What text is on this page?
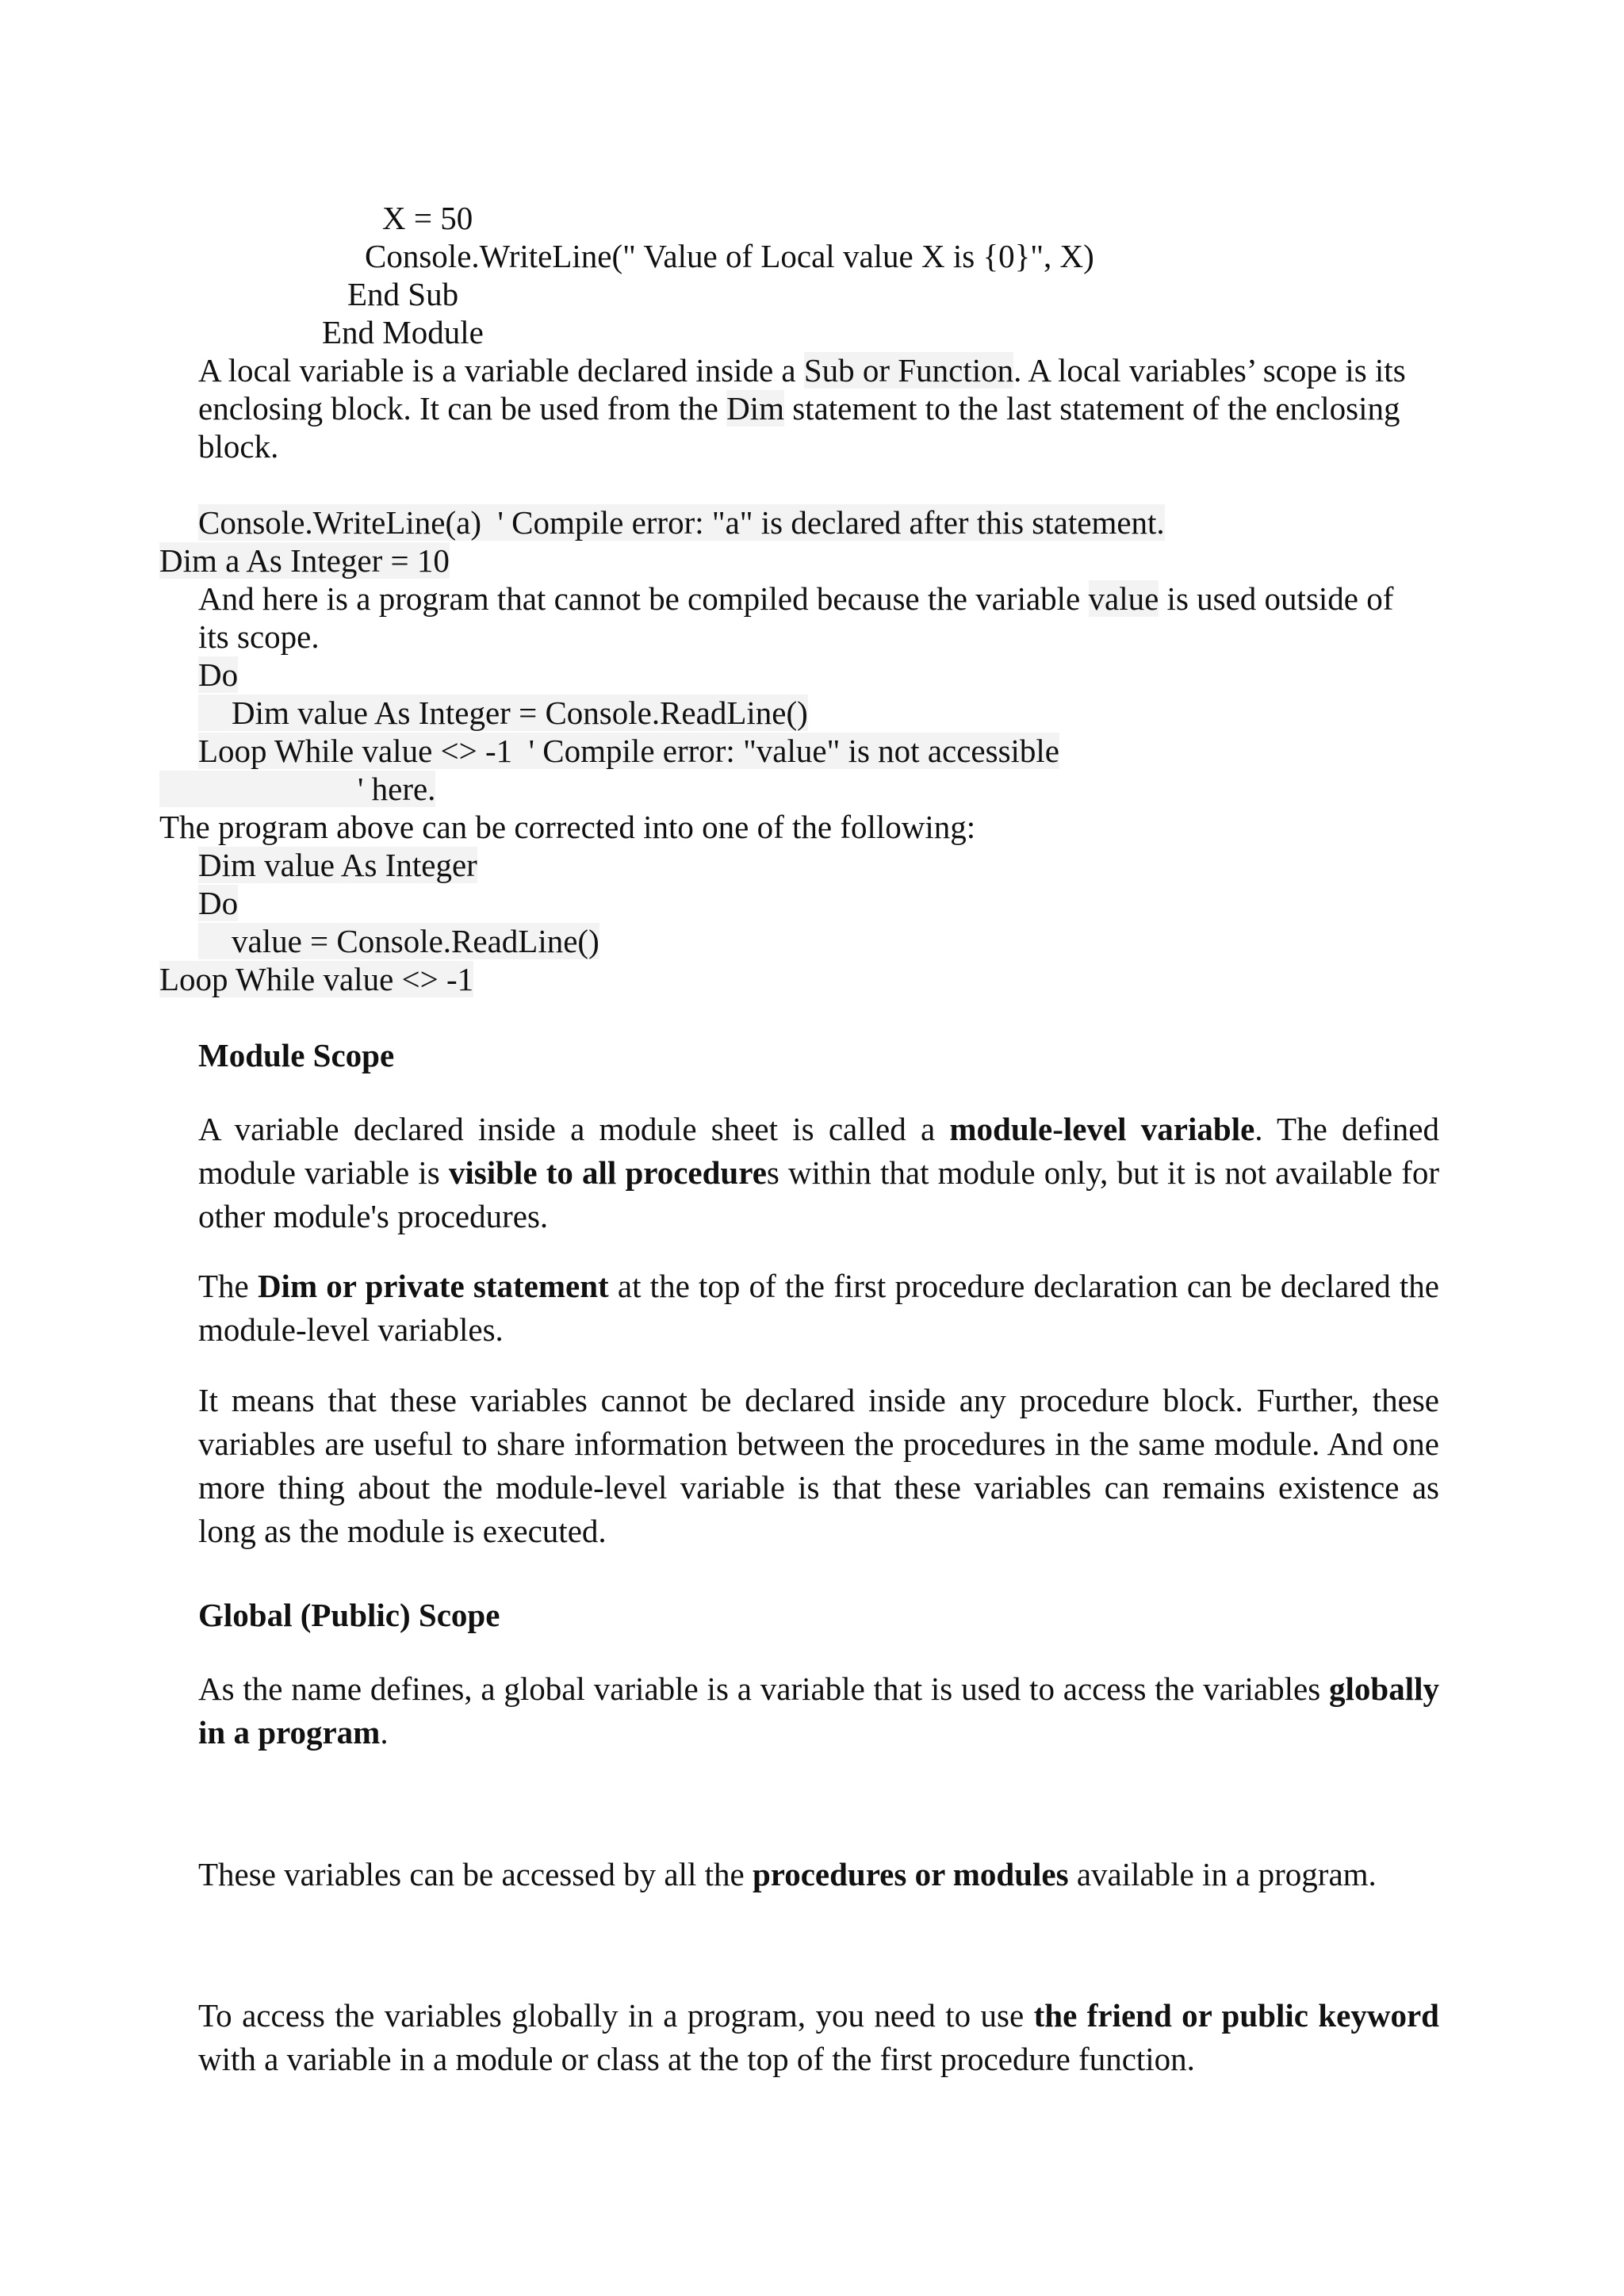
X = 50
Console.WriteLine(" Value of Local value X is {0}", X)
End Sub
End Module
A local variable is a variable declared inside a Sub or Function. A local variables’ scope is its
enclosing block. It can be used from the Dim statement to the last statement of the enclosing
block.
Console.WriteLine(a)  ' Compile error: "a" is declared after this statement.
Dim a As Integer = 10
And here is a program that cannot be compiled because the variable value is used outside of
its scope.
Do
Dim value As Integer = Console.ReadLine()
Loop While value <> -1  ' Compile error: "value" is not accessible
' here.
The program above can be corrected into one of the following:
Dim value As Integer
Do
value = Console.ReadLine()
Loop While value <> -1
Module Scope
A variable declared inside a module sheet is called a module-level variable. The defined module variable is visible to all procedures within that module only, but it is not available for other module's procedures.
The Dim or private statement at the top of the first procedure declaration can be declared the module-level variables.
It means that these variables cannot be declared inside any procedure block. Further, these variables are useful to share information between the procedures in the same module. And one more thing about the module-level variable is that these variables can remains existence as long as the module is executed.
Global (Public) Scope
As the name defines, a global variable is a variable that is used to access the variables globally in a program.
These variables can be accessed by all the procedures or modules available in a program.
To access the variables globally in a program, you need to use the friend or public keyword with a variable in a module or class at the top of the first procedure function.
